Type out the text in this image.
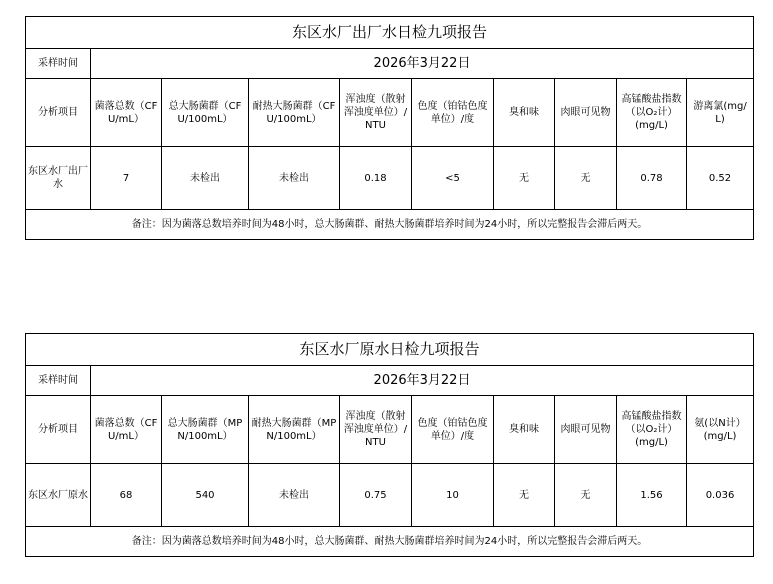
东区水厂出厂水日检九项报告									
采样时间	2026年3月22日								
分析项目	菌落总数（CFU/mL）	总大肠菌群（CFU/100mL）	耐热大肠菌群（CFU/100mL）	浑浊度（散射浑浊度单位）/NTU	色度（铂钴色度单位）/度	臭和味	肉眼可见物	高锰酸盐指数（以O₂计）(mg/L)	游离氯(mg/L)
东区水厂出厂水	7	未检出	未检出	0.18	<5	无	无	0.78	0.52
备注：因为菌落总数培养时间为48小时，总大肠菌群、耐热大肠菌群培养时间为24小时，所以完整报告会滞后两天。									
东区水厂原水日检九项报告									
采样时间	2026年3月22日								
分析项目	菌落总数（CFU/mL）	总大肠菌群（MPN/100mL）	耐热大肠菌群（MPN/100mL）	浑浊度（散射浑浊度单位）/NTU	色度（铂钴色度单位）/度	臭和味	肉眼可见物	高锰酸盐指数（以O₂计）(mg/L)	氨(以N计）(mg/L)
东区水厂原水	68	540	未检出	0.75	10	无	无	1.56	0.036
备注：因为菌落总数培养时间为48小时，总大肠菌群、耐热大肠菌群培养时间为24小时，所以完整报告会滞后两天。									
